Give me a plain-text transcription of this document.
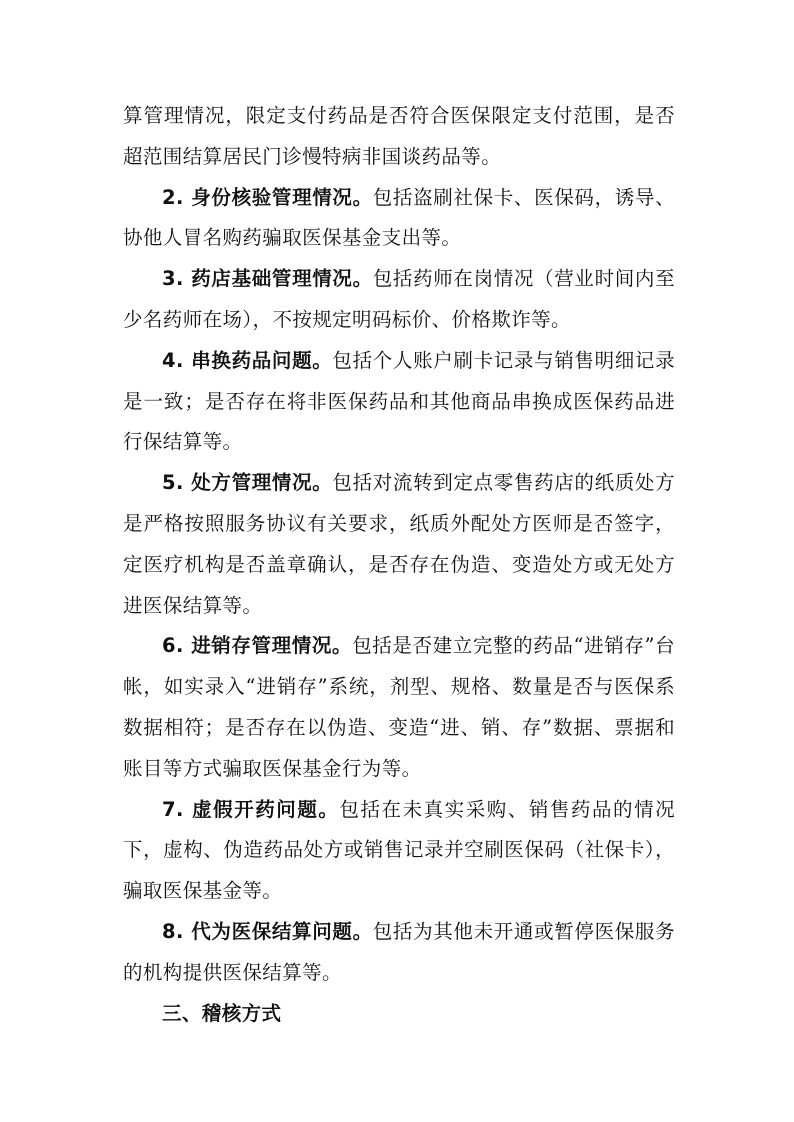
算管理情况，限定支付药品是否符合医保限定支付范围，是否超范围结算居民门诊慢特病非国谈药品等。

2. 身份核验管理情况。包括盗刷社保卡、医保码，诱导、协他人冒名购药骗取医保基金支出等。

3. 药店基础管理情况。包括药师在岗情况（营业时间内至少名药师在场），不按规定明码标价、价格欺诈等。

4. 串换药品问题。包括个人账户刷卡记录与销售明细记录是一致；是否存在将非医保药品和其他商品串换成医保药品进行保结算等。

5. 处方管理情况。包括对流转到定点零售药店的纸质处方是严格按照服务协议有关要求，纸质外配处方医师是否签字，定医疗机构是否盖章确认，是否存在伪造、变造处方或无处方进医保结算等。

6. 进销存管理情况。包括是否建立完整的药品“进销存”台帐，如实录入“进销存”系统，剂型、规格、数量是否与医保系数据相符；是否存在以伪造、变造“进、销、存”数据、票据和账目等方式骗取医保基金行为等。

7. 虚假开药问题。包括在未真实采购、销售药品的情况下，虚构、伪造药品处方或销售记录并空刷医保码（社保卡），骗取医保基金等。

8. 代为医保结算问题。包括为其他未开通或暂停医保服务的机构提供医保结算等。

三、稽核方式
